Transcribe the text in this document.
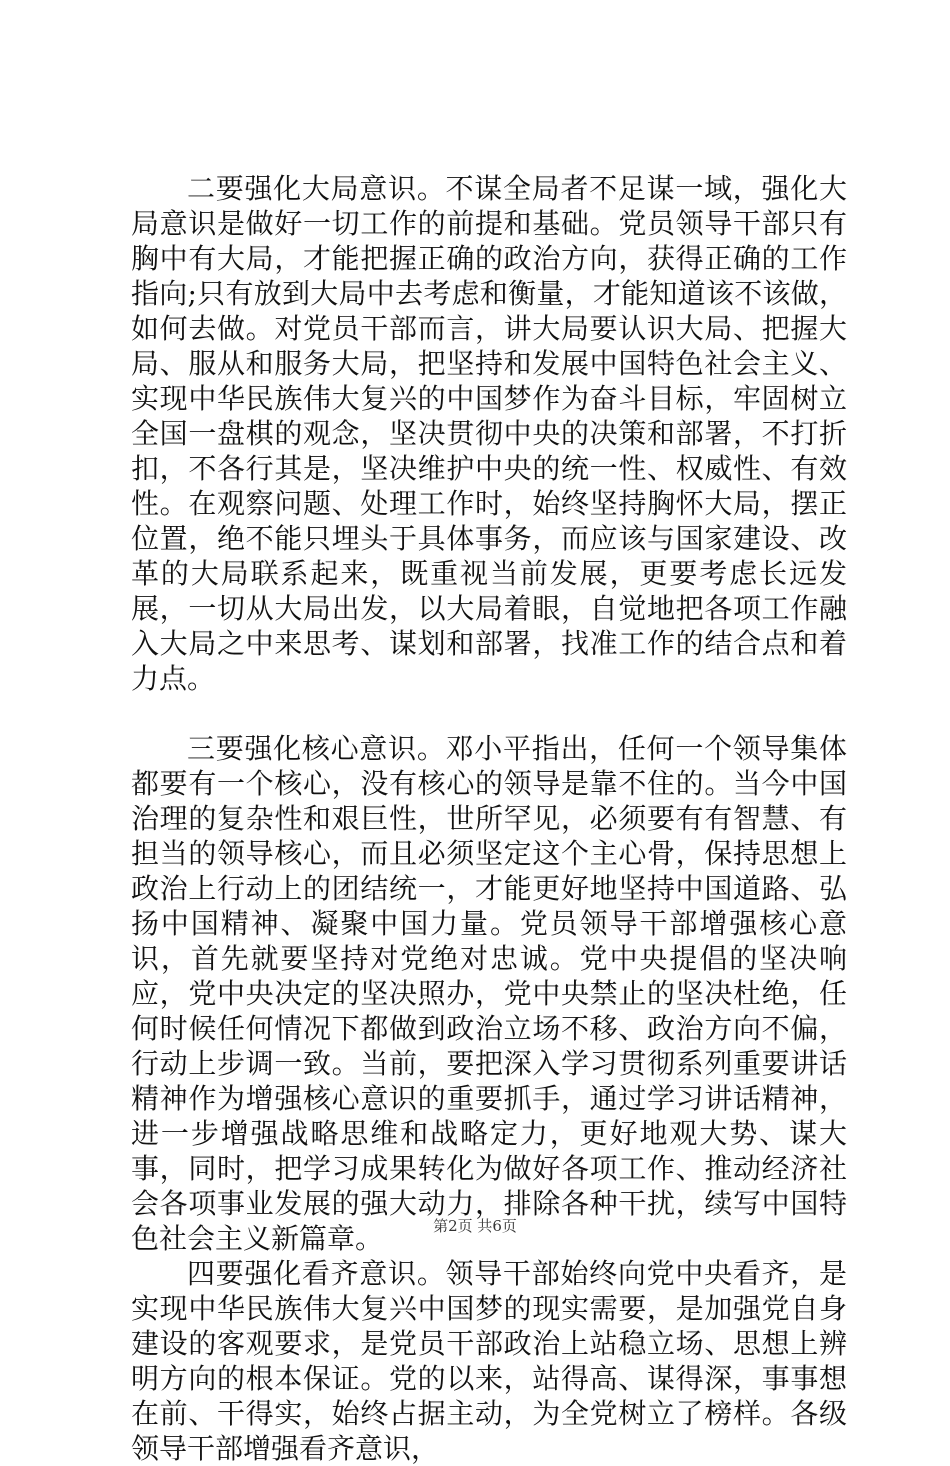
二要强化大局意识。不谋全局者不足谋一域，强化大局意识是做好一切工作的前提和基础。党员领导干部只有胸中有大局，才能把握正确的政治方向，获得正确的工作指向;只有放到大局中去考虑和衡量，才能知道该不该做，如何去做。对党员干部而言，讲大局要认识大局、把握大局、服从和服务大局，把坚持和发展中国特色社会主义、实现中华民族伟大复兴的中国梦作为奋斗目标，牢固树立全国一盘棋的观念，坚决贯彻中央的决策和部署，不打折扣，不各行其是，坚决维护中央的统一性、权威性、有效性。在观察问题、处理工作时，始终坚持胸怀大局，摆正位置，绝不能只埋头于具体事务，而应该与国家建设、改革的大局联系起来，既重视当前发展，更要考虑长远发展，一切从大局出发，以大局着眼，自觉地把各项工作融入大局之中来思考、谋划和部署，找准工作的结合点和着力点。

三要强化核心意识。邓小平指出，任何一个领导集体都要有一个核心，没有核心的领导是靠不住的。当今中国治理的复杂性和艰巨性，世所罕见，必须要有有智慧、有担当的领导核心，而且必须坚定这个主心骨，保持思想上政治上行动上的团结统一，才能更好地坚持中国道路、弘扬中国精神、凝聚中国力量。党员领导干部增强核心意识，首先就要坚持对党绝对忠诚。党中央提倡的坚决响应，党中央决定的坚决照办，党中央禁止的坚决杜绝，任何时候任何情况下都做到政治立场不移、政治方向不偏，行动上步调一致。当前，要把深入学习贯彻系列重要讲话精神作为增强核心意识的重要抓手，通过学习讲话精神，进一步增强战略思维和战略定力，更好地观大势、谋大事，同时，把学习成果转化为做好各项工作、推动经济社会各项事业发展的强大动力，排除各种干扰，续写中国特色社会主义新篇章。

四要强化看齐意识。领导干部始终向党中央看齐，是实现中华民族伟大复兴中国梦的现实需要，是加强党自身建设的客观要求，是党员干部政治上站稳立场、思想上辨明方向的根本保证。党的以来，站得高、谋得深，事事想在前、干得实，始终占据主动，为全党树立了榜样。各级领导干部增强看齐意识，

第2页 共6页
